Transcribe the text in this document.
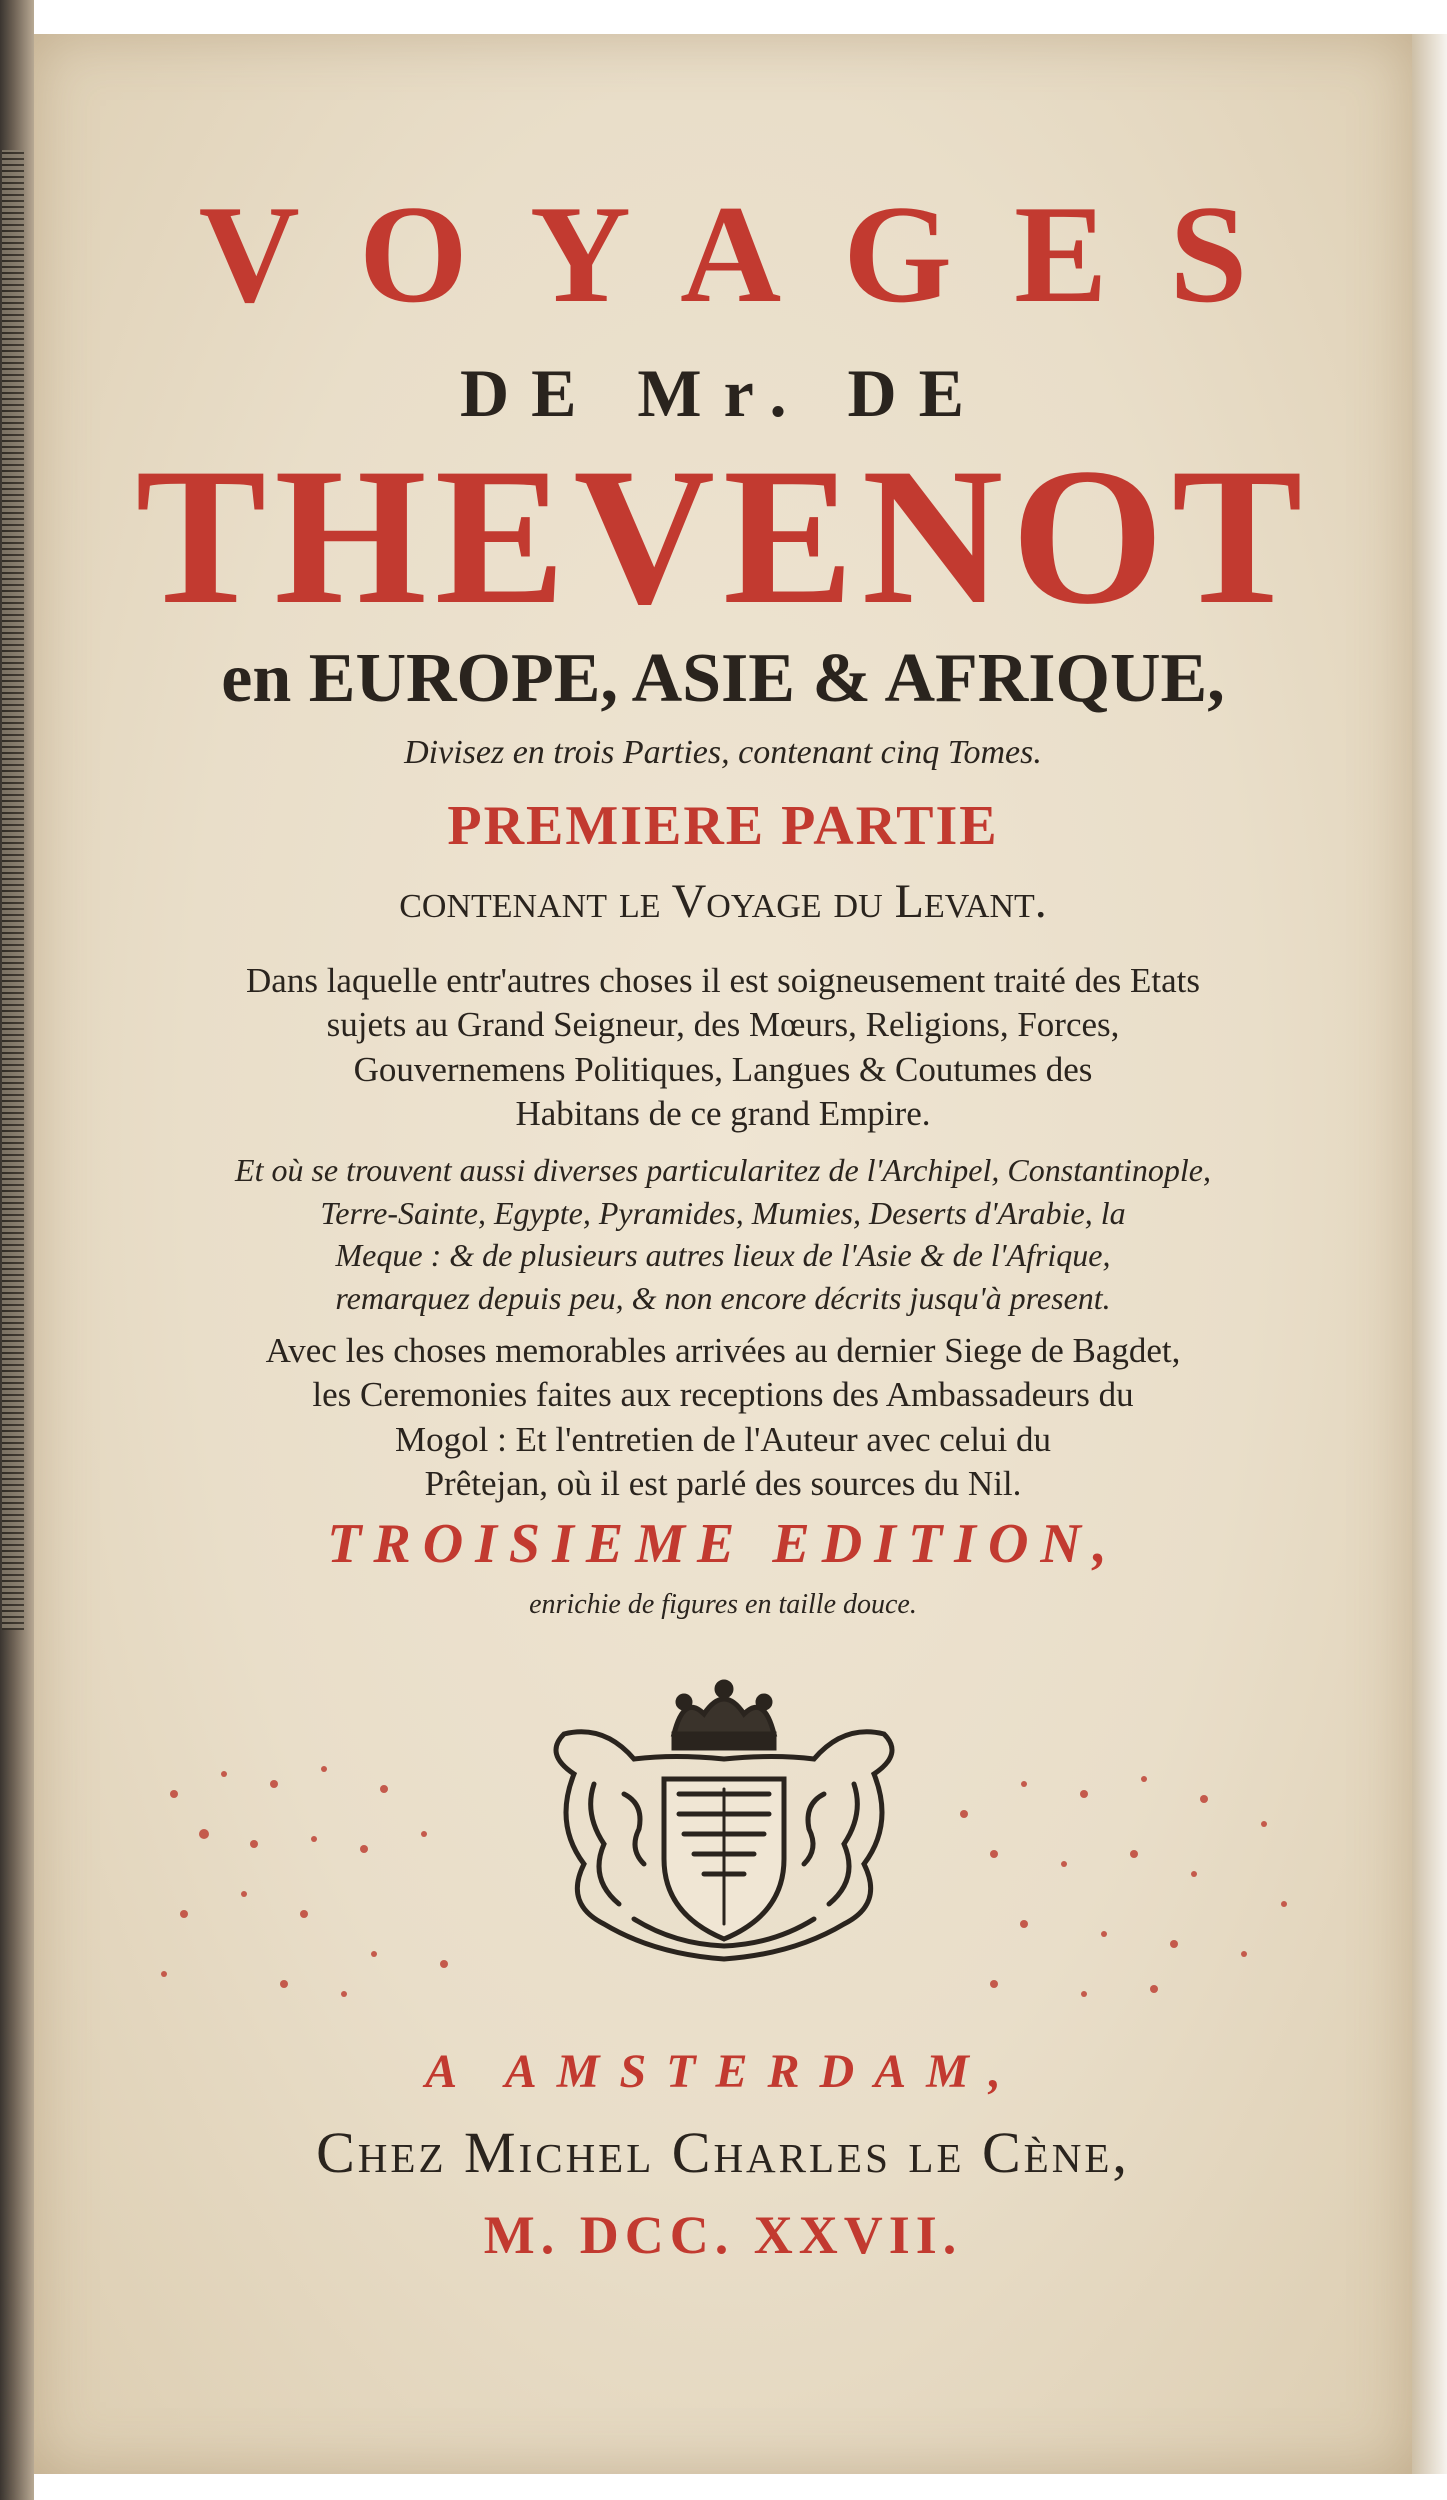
VOYAGES
DE Mr. DE
THEVENOT
en EUROPE, ASIE & AFRIQUE,
Divisez en trois Parties, contenant cinq Tomes.
PREMIERE PARTIE
contenant le Voyage du Levant.
Dans laquelle entr'autres choses il est soigneusement traité des Etats
sujets au Grand Seigneur, des Mœurs, Religions, Forces,
Gouvernemens Politiques, Langues & Coutumes des
Habitans de ce grand Empire.
Et où se trouvent aussi diverses particularitez de l'Archipel, Constantinople,
Terre-Sainte, Egypte, Pyramides, Mumies, Deserts d'Arabie, la
Meque : & de plusieurs autres lieux de l'Asie & de l'Afrique,
remarquez depuis peu, & non encore décrits jusqu'à present.
Avec les choses memorables arrivées au dernier Siege de Bagdet,
les Ceremonies faites aux receptions des Ambassadeurs du
Mogol : Et l'entretien de l'Auteur avec celui du
Prêtejan, où il est parlé des sources du Nil.
TROISIEME EDITION,
enrichie de figures en taille douce.
A AMSTERDAM,
Chez Michel Charles le Cène,
M. DCC. XXVII.
